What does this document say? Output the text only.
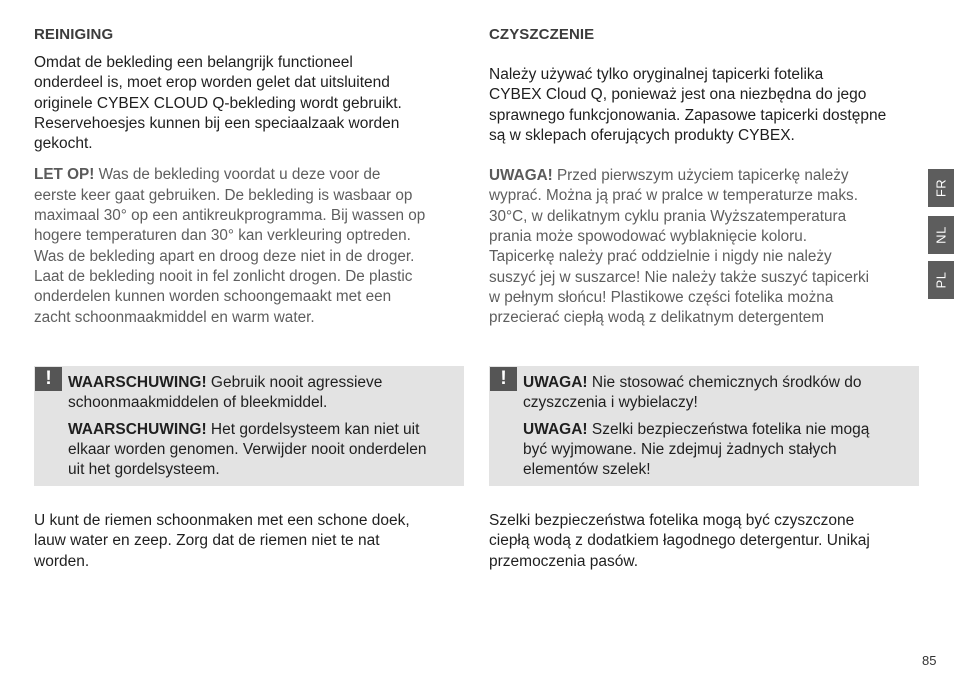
REINIGING

Omdat de bekleding een belangrijk functioneel
onderdeel is, moet erop worden gelet dat uitsluitend
originele CYBEX CLOUD Q-bekleding wordt gebruikt.
Reservehoesjes kunnen bij een speciaalzaak worden
gekocht.

LET OP! Was de bekleding voordat u deze voor de
eerste keer gaat gebruiken. De bekleding is wasbaar op
maximaal 30° op een antikreukprogramma. Bij wassen op
hogere temperaturen dan 30° kan verkleuring optreden.
Was de bekleding apart en droog deze niet in de droger.
Laat de bekleding nooit in fel zonlicht drogen. De plastic
onderdelen kunnen worden schoongemaakt met een
zacht schoonmaakmiddel en warm water.

!	WAARSCHUWING! Gebruik nooit agressieve
schoonmaakmiddelen of bleekmiddel.

WAARSCHUWING! Het gordelsysteem kan niet uit
elkaar worden genomen. Verwijder nooit onderdelen
uit het gordelsysteem.

U kunt de riemen schoonmaken met een schone doek,
lauw water en zeep. Zorg dat de riemen niet te nat
worden.

CZYSZCZENIE

Należy używać tylko oryginalnej tapicerki fotelika
CYBEX Cloud Q, ponieważ jest ona niezbędna do jego
sprawnego funkcjonowania. Zapasowe tapicerki dostępne
są w sklepach oferujących produkty CYBEX.

UWAGA! Przed pierwszym użyciem tapicerkę należy
wyprać. Można ją prać w pralce w temperaturze maks.
30°C, w delikatnym cyklu prania Wyższatemperatura
prania może spowodować wyblaknięcie koloru.
Tapicerkę należy prać oddzielnie i nigdy nie należy
suszyć jej w suszarce! Nie należy także suszyć tapicerki
w pełnym słońcu! Plastikowe części fotelika można
przecierać ciepłą wodą z delikatnym detergentem

!	UWAGA! Nie stosować chemicznych środków do
czyszczenia i wybielaczy!

UWAGA! Szelki bezpieczeństwa fotelika nie mogą
być wyjmowane. Nie zdejmuj żadnych stałych
elementów szelek!

Szelki bezpieczeństwa fotelika mogą być czyszczone
ciepłą wodą z dodatkiem łagodnego detergentur. Unikaj
przemoczenia pasów.

FR
NL
PL
85
